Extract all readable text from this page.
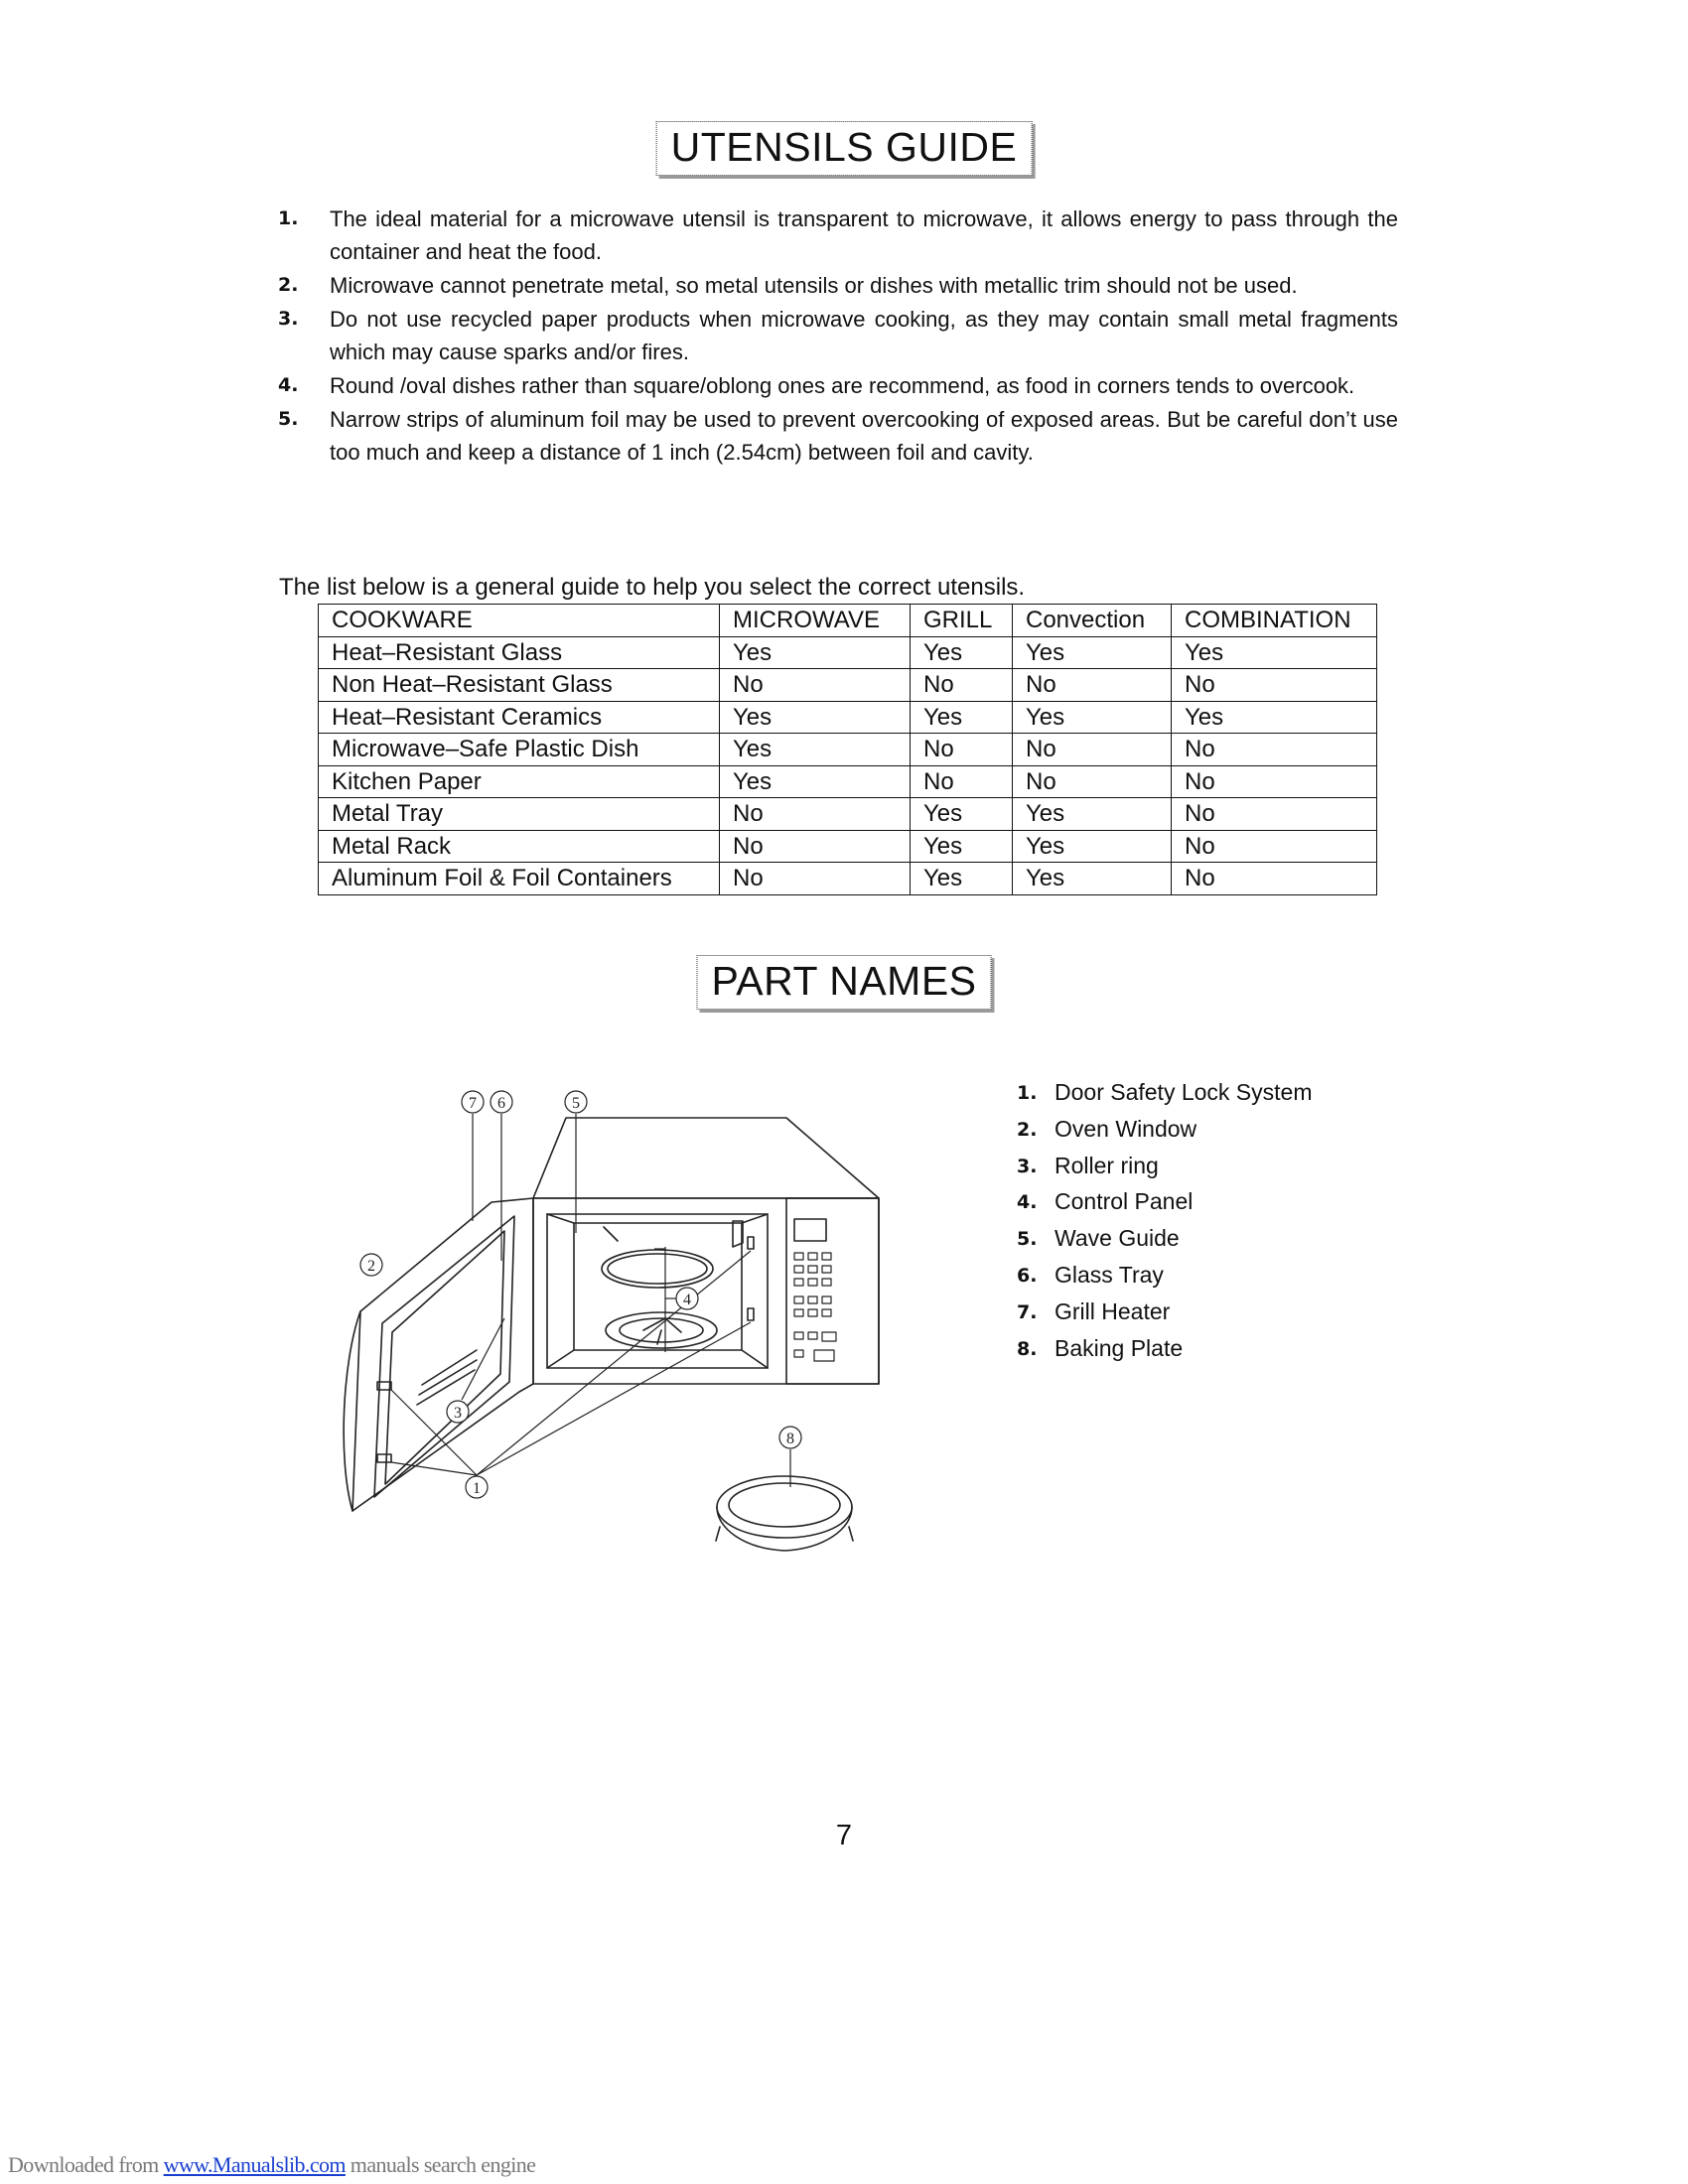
UTENSILS GUIDE
1. The ideal material for a microwave utensil is transparent to microwave, it allows energy to pass through the container and heat the food.
2. Microwave cannot penetrate metal, so metal utensils or dishes with metallic trim should not be used.
3. Do not use recycled paper products when microwave cooking, as they may contain small metal fragments which may cause sparks and/or fires.
4. Round /oval dishes rather than square/oblong ones are recommend, as food in corners tends to overcook.
5. Narrow strips of aluminum foil may be used to prevent overcooking of exposed areas. But be careful don’t use too much and keep a distance of 1 inch (2.54cm) between foil and cavity.
The list below is a general guide to help you select the correct utensils.
COOKWARE	MICROWAVE	GRILL	Convection	COMBINATION
Heat–Resistant Glass	Yes	Yes	Yes	Yes
Non Heat–Resistant Glass	No	No	No	No
Heat–Resistant Ceramics	Yes	Yes	Yes	Yes
Microwave–Safe Plastic Dish	Yes	No	No	No
Kitchen Paper	Yes	No	No	No
Metal Tray	No	Yes	Yes	No
Metal Rack	No	Yes	Yes	No
Aluminum Foil & Foil Containers	No	Yes	Yes	No
PART NAMES
7 6	5
4
2
3
1
8
1. Door Safety Lock System
2. Oven Window
3. Roller ring
4. Control Panel
5. Wave Guide
6. Glass Tray
7. Grill Heater
8. Baking Plate
7
Downloaded from www.Manualslib.com manuals search engine
